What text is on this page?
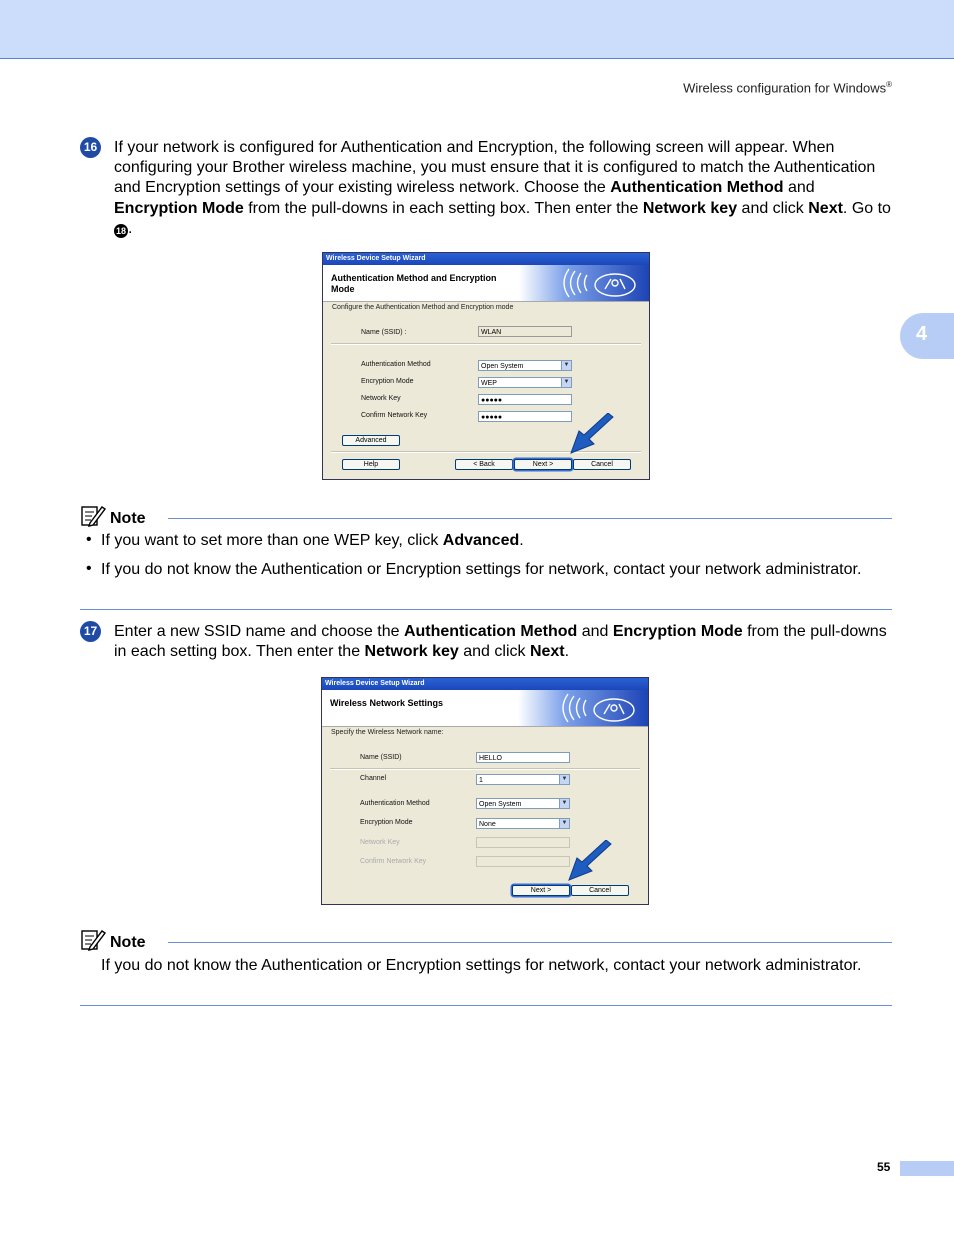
Wireless configuration for Windows®
4
16 If your network is configured for Authentication and Encryption, the following screen will appear. When configuring your Brother wireless machine, you must ensure that it is configured to match the Authentication and Encryption settings of your existing wireless network. Choose the Authentication Method and Encryption Mode from the pull-downs in each setting box. Then enter the Network key and click Next. Go to 18 .
Wireless Device Setup Wizard
Authentication Method and Encryption
Mode
Configure the Authentication Method and Encryption mode
Name (SSID) :	WLAN
Authentication Method	Open System	▼
Encryption Mode	WEP	▼
Network Key	●●●●●
Confirm Network Key	●●●●●
Advanced
Help	< Back	Next >	Cancel
Note
• If you want to set more than one WEP key, click Advanced.
• If you do not know the Authentication or Encryption settings for network, contact your network administrator.
17 Enter a new SSID name and choose the Authentication Method and Encryption Mode from the pull-downs in each setting box. Then enter the Network key and click Next.
Wireless Device Setup Wizard
Wireless Network Settings
Specify the Wireless Network name:
Name (SSID)	HELLO
Channel	1	▼
Authentication Method	Open System	▼
Encryption Mode	None	▼
Network Key
Confirm Network Key
Next >	Cancel
Note
If you do not know the Authentication or Encryption settings for network, contact your network administrator.
55
